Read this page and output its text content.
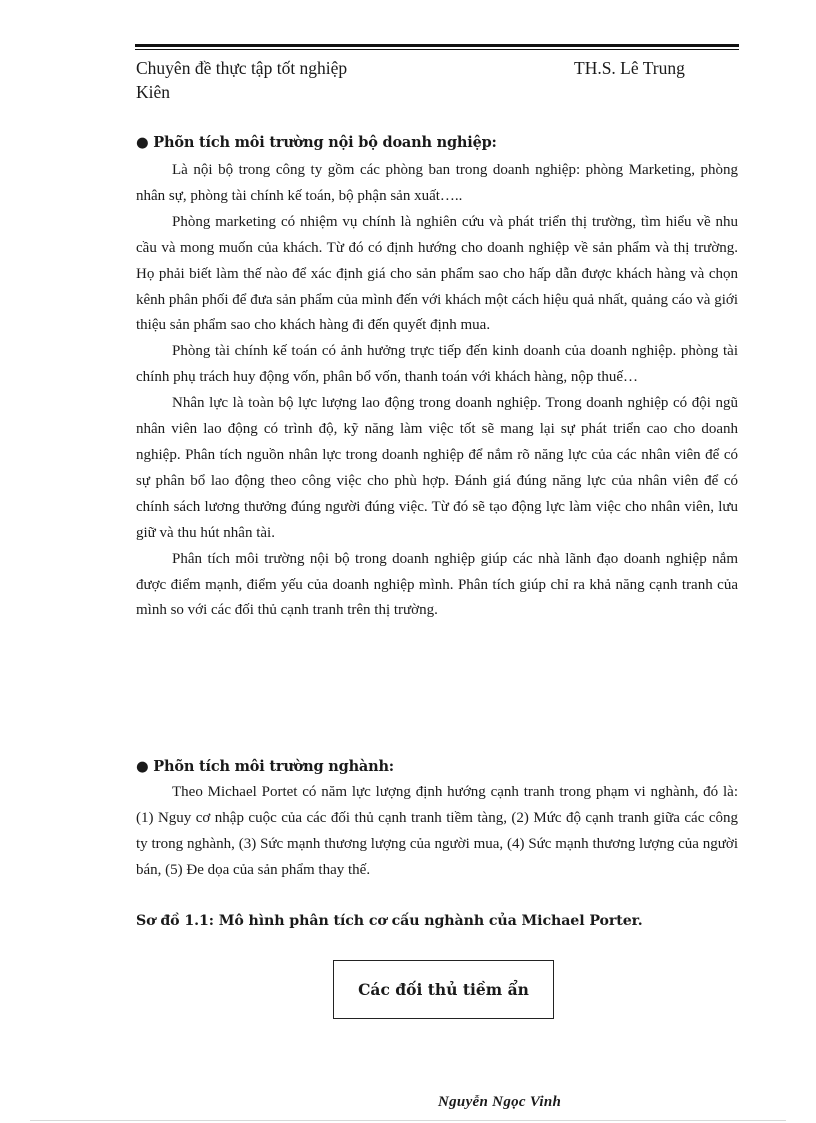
Chuyên đề thực tập tốt nghiệp	TH.S. Lê Trung
Kiên
● Phõn tích môi trường nội bộ doanh nghiệp:

Là nội bộ trong công ty gồm các phòng ban trong doanh nghiệp: phòng Marketing, phòng nhân sự, phòng tài chính kế toán, bộ phận sản xuất…..

Phòng marketing có nhiệm vụ chính là nghiên cứu và phát triển thị trường, tìm hiểu về nhu cầu và mong muốn của khách. Từ đó có định hướng cho doanh nghiệp về sản phẩm và thị trường. Họ phải biết làm thế nào để xác định giá cho sản phẩm sao cho hấp dẫn được khách hàng và chọn kênh phân phối để đưa sản phẩm của mình đến với khách một cách hiệu quả nhất, quảng cáo và giới thiệu sản phẩm sao cho khách hàng đi đến quyết định mua.

Phòng tài chính kế toán có ảnh hưởng trực tiếp đến kinh doanh của doanh nghiệp. phòng tài chính phụ trách huy động vốn, phân bổ vốn, thanh toán với khách hàng, nộp thuế…

Nhân lực là toàn bộ lực lượng lao động trong doanh nghiệp. Trong doanh nghiệp có đội ngũ nhân viên lao động có trình độ, kỹ năng làm việc tốt sẽ mang lại sự phát triển cao cho doanh nghiệp. Phân tích nguồn nhân lực trong doanh nghiệp để nắm rõ năng lực của các nhân viên để có sự phân bổ lao động theo công việc cho phù hợp. Đánh giá đúng năng lực của nhân viên để có chính sách lương thưởng đúng người đúng việc. Từ đó sẽ tạo động lực làm việc cho nhân viên, lưu giữ và thu hút nhân tài.

Phân tích môi trường nội bộ trong doanh nghiệp giúp các nhà lãnh đạo doanh nghiệp nắm được điểm mạnh, điểm yếu của doanh nghiệp mình. Phân tích giúp chỉ ra khả năng cạnh tranh của mình so với các đối thủ cạnh tranh trên thị trường.

● Phõn tích môi trường nghành:

Theo Michael Portet có năm lực lượng định hướng cạnh tranh trong phạm vi nghành, đó là: (1) Nguy cơ nhập cuộc của các đối thủ cạnh tranh tiềm tàng, (2) Mức độ cạnh tranh giữa các công ty trong nghành, (3) Sức mạnh thương lượng của người mua, (4) Sức mạnh thương lượng của người bán, (5) Đe dọa của sản phẩm thay thế.

Sơ đồ 1.1: Mô hình phân tích cơ cấu nghành của Michael Porter.
Các đối thủ tiềm ẩn
Nguyễn Ngọc Vinh
